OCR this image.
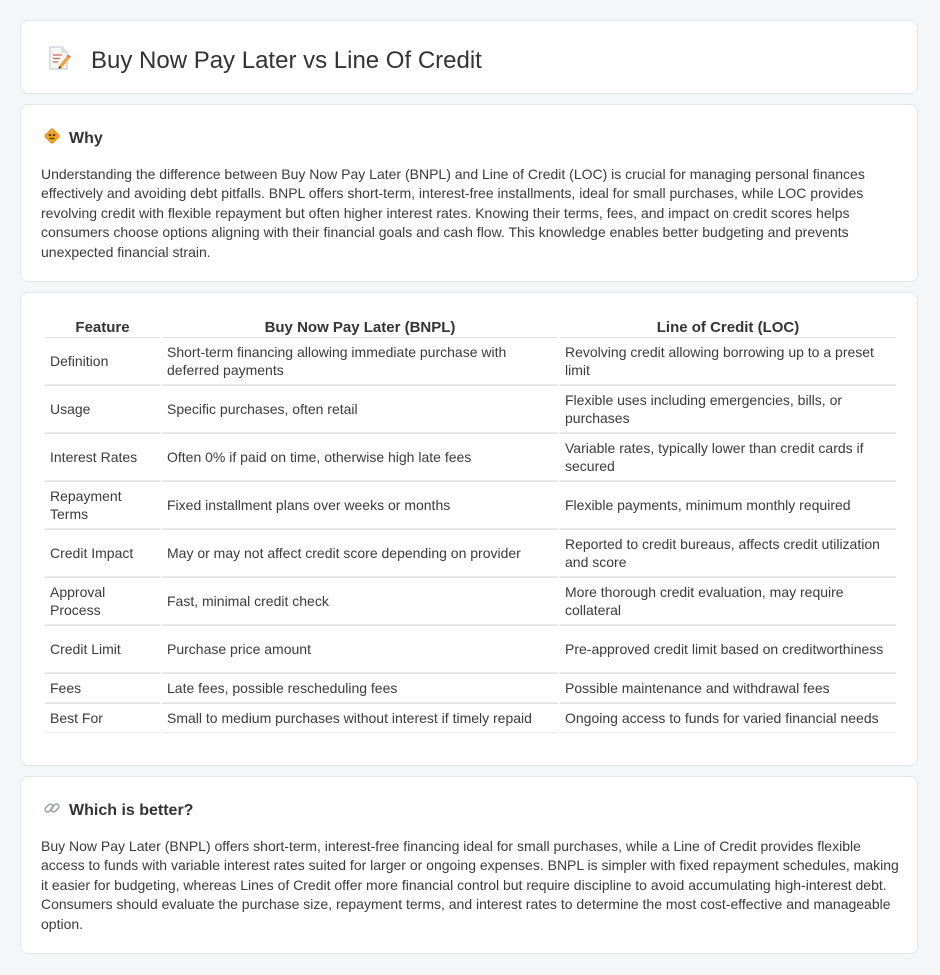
Buy Now Pay Later vs Line Of Credit
Why

Understanding the difference between Buy Now Pay Later (BNPL) and Line of Credit (LOC) is crucial for managing personal finances effectively and avoiding debt pitfalls. BNPL offers short-term, interest-free installments, ideal for small purchases, while LOC provides revolving credit with flexible repayment but often higher interest rates. Knowing their terms, fees, and impact on credit scores helps consumers choose options aligning with their financial goals and cash flow. This knowledge enables better budgeting and prevents unexpected financial strain.

Feature	Buy Now Pay Later (BNPL)	Line of Credit (LOC)
Definition	Short-term financing allowing immediate purchase with deferred payments	Revolving credit allowing borrowing up to a preset limit
Usage	Specific purchases, often retail	Flexible uses including emergencies, bills, or purchases
Interest Rates	Often 0% if paid on time, otherwise high late fees	Variable rates, typically lower than credit cards if secured
Repayment Terms	Fixed installment plans over weeks or months	Flexible payments, minimum monthly required
Credit Impact	May or may not affect credit score depending on provider	Reported to credit bureaus, affects credit utilization and score
Approval Process	Fast, minimal credit check	More thorough credit evaluation, may require collateral
Credit Limit	Purchase price amount	Pre-approved credit limit based on creditworthiness
Fees	Late fees, possible rescheduling fees	Possible maintenance and withdrawal fees
Best For	Small to medium purchases without interest if timely repaid	Ongoing access to funds for varied financial needs
Which is better?

Buy Now Pay Later (BNPL) offers short-term, interest-free financing ideal for small purchases, while a Line of Credit provides flexible access to funds with variable interest rates suited for larger or ongoing expenses. BNPL is simpler with fixed repayment schedules, making it easier for budgeting, whereas Lines of Credit offer more financial control but require discipline to avoid accumulating high-interest debt. Consumers should evaluate the purchase size, repayment terms, and interest rates to determine the most cost-effective and manageable option.
